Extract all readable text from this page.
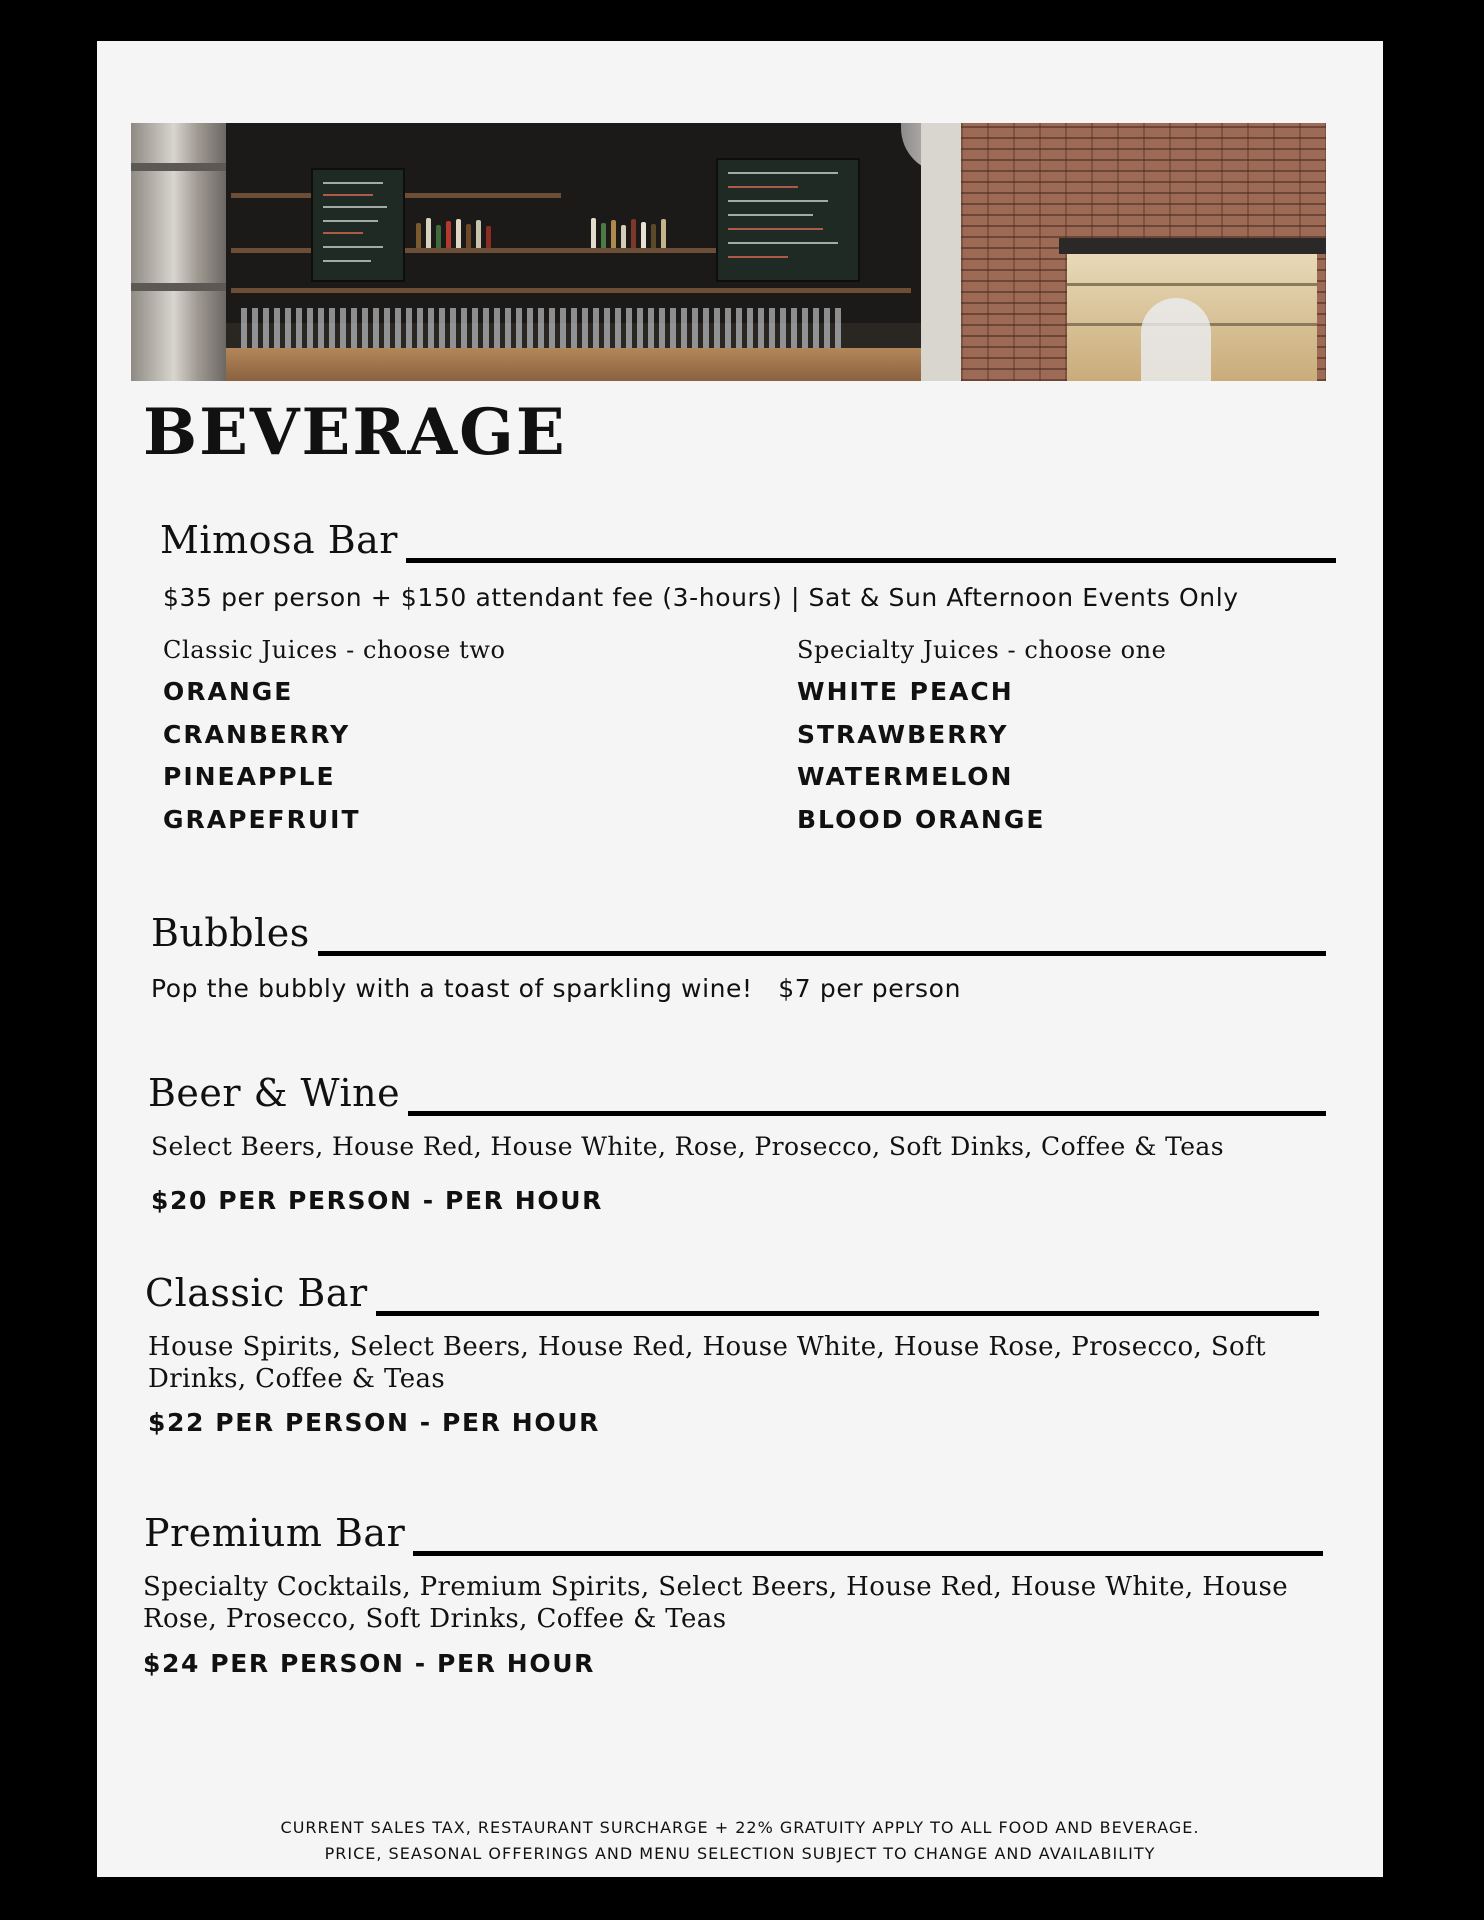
BEVERAGE
Mimosa Bar
$35 per person + $150 attendant fee (3-hours) | Sat & Sun Afternoon Events Only
Classic Juices - choose two
ORANGE
CRANBERRY
PINEAPPLE
GRAPEFRUIT
Specialty Juices - choose one
WHITE PEACH
STRAWBERRY
WATERMELON
BLOOD ORANGE
Bubbles
Pop the bubbly with a toast of sparkling wine!   $7 per person
Beer & Wine

Select Beers, House Red, House White, Rose, Prosecco, Soft Dinks, Coffee & Teas

$20 PER PERSON - PER HOUR
Classic Bar

House Spirits, Select Beers, House Red, House White, House Rose, Prosecco, Soft Drinks, Coffee & Teas

$22 PER PERSON - PER HOUR
Premium Bar

Specialty Cocktails, Premium Spirits, Select Beers, House Red, House White, House Rose, Prosecco, Soft Drinks, Coffee & Teas

$24 PER PERSON - PER HOUR
CURRENT SALES TAX, RESTAURANT SURCHARGE + 22% GRATUITY APPLY TO ALL FOOD AND BEVERAGE.
PRICE, SEASONAL OFFERINGS AND MENU SELECTION SUBJECT TO CHANGE AND AVAILABILITY
